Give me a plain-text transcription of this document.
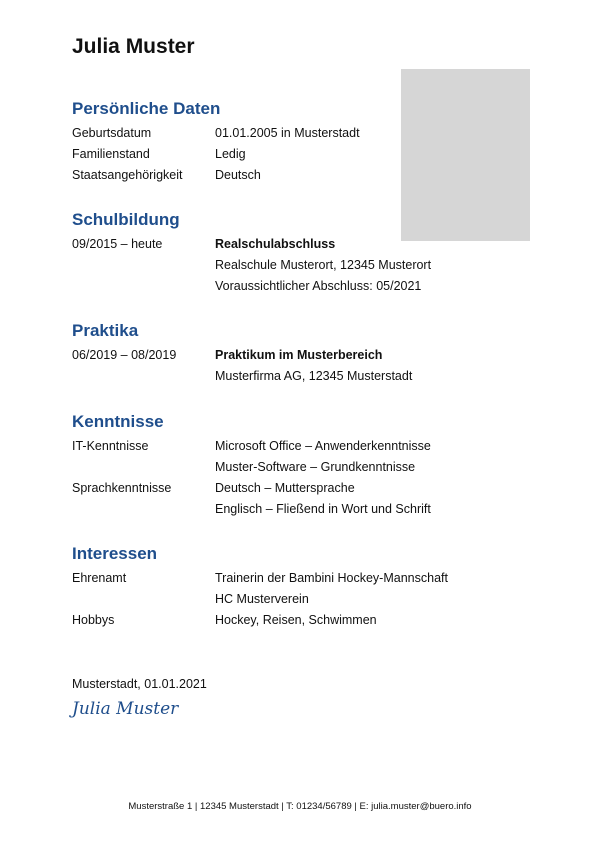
Julia Muster
Persönliche Daten
Geburtsdatum	01.01.2005 in Musterstadt
Familienstand	Ledig
Staatsangehörigkeit	Deutsch
Schulbildung
09/2015 – heute	Realschulabschluss
Realschule Musterort, 12345 Musterort
Voraussichtlicher Abschluss: 05/2021
Praktika
06/2019 – 08/2019	Praktikum im Musterbereich
Musterfirma AG, 12345 Musterstadt
Kenntnisse
IT-Kenntnisse	Microsoft Office – Anwenderkenntnisse
Muster-Software – Grundkenntnisse
Sprachkenntnisse	Deutsch – Muttersprache
Englisch – Fließend in Wort und Schrift
Interessen
Ehrenamt	Trainerin der Bambini Hockey-Mannschaft
HC Musterverein
Hobbys	Hockey, Reisen, Schwimmen
Musterstadt, 01.01.2021
Julia Muster
Musterstraße 1 | 12345 Musterstadt | T: 01234/56789 | E: julia.muster@buero.info
